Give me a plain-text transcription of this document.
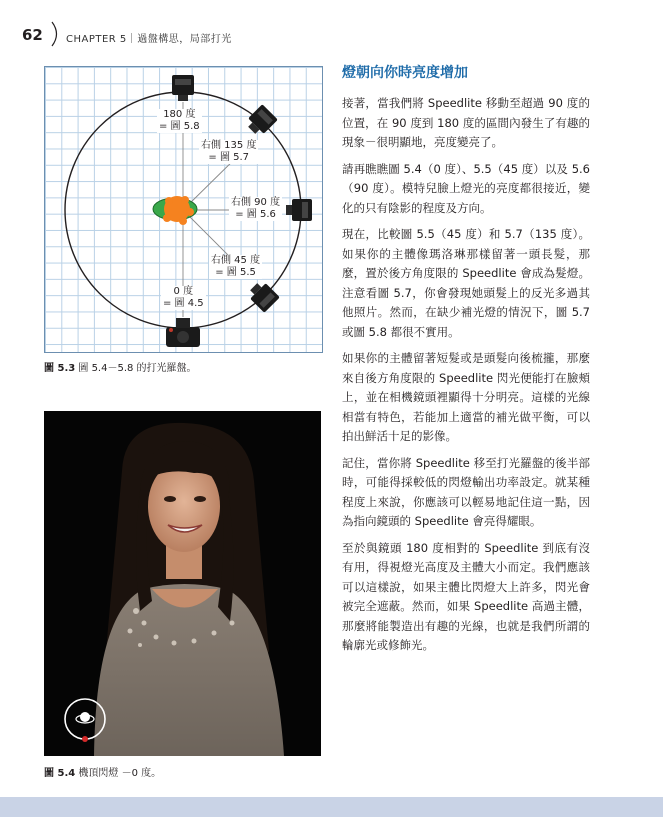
62 CHAPTER 5｜過盤構思，局部打光
180 度
= 圖 5.8
右側 135 度
= 圖 5.7
右側 90 度
= 圖 5.6
右側 45 度
= 圖 5.5
0 度
= 圖 4.5
圖 5.3 圖 5.4－5.8 的打光羅盤。
圖 5.4 機頂閃燈 －0 度。
燈朝向你時亮度增加

接著，當我們將 Speedlite 移動至超過 90 度的位置，在 90 度到 180 度的區間內發生了有趣的現象－很明顯地，亮度變亮了。

請再瞧瞧圖 5.4（0 度）、5.5（45 度）以及 5.6（90 度）。模特兒臉上燈光的亮度都很接近，變化的只有陰影的程度及方向。

現在，比較圖 5.5（45 度）和 5.7（135 度）。如果你的主體像瑪洛琳那樣留著一頭長髮，那麼，置於後方角度限的 Speedlite 會成為髮燈。注意看圖 5.7，你會發現她頭髮上的反光多過其他照片。然而，在缺少補光燈的情況下，圖 5.7 或圖 5.8 都很不實用。

如果你的主體留著短髮或是頭髮向後梳攏，那麼來自後方角度限的 Speedlite 閃光便能打在臉頰上，並在相機鏡頭裡顯得十分明亮。這樣的光線相當有特色，若能加上適當的補光做平衡，可以拍出鮮活十足的影像。

記住，當你將 Speedlite 移至打光羅盤的後半部時，可能得採較低的閃燈輸出功率設定。就某種程度上來說，你應該可以輕易地記住這一點，因為指向鏡頭的 Speedlite 會亮得耀眼。

至於與鏡頭 180 度相對的 Speedlite 到底有沒有用，得視燈光高度及主體大小而定。我們應該可以這樣說，如果主體比閃燈大上許多，閃光會被完全遮蔽。然而，如果 Speedlite 高過主體，那麼將能製造出有趣的光線，也就是我們所謂的輪廓光或修飾光。
